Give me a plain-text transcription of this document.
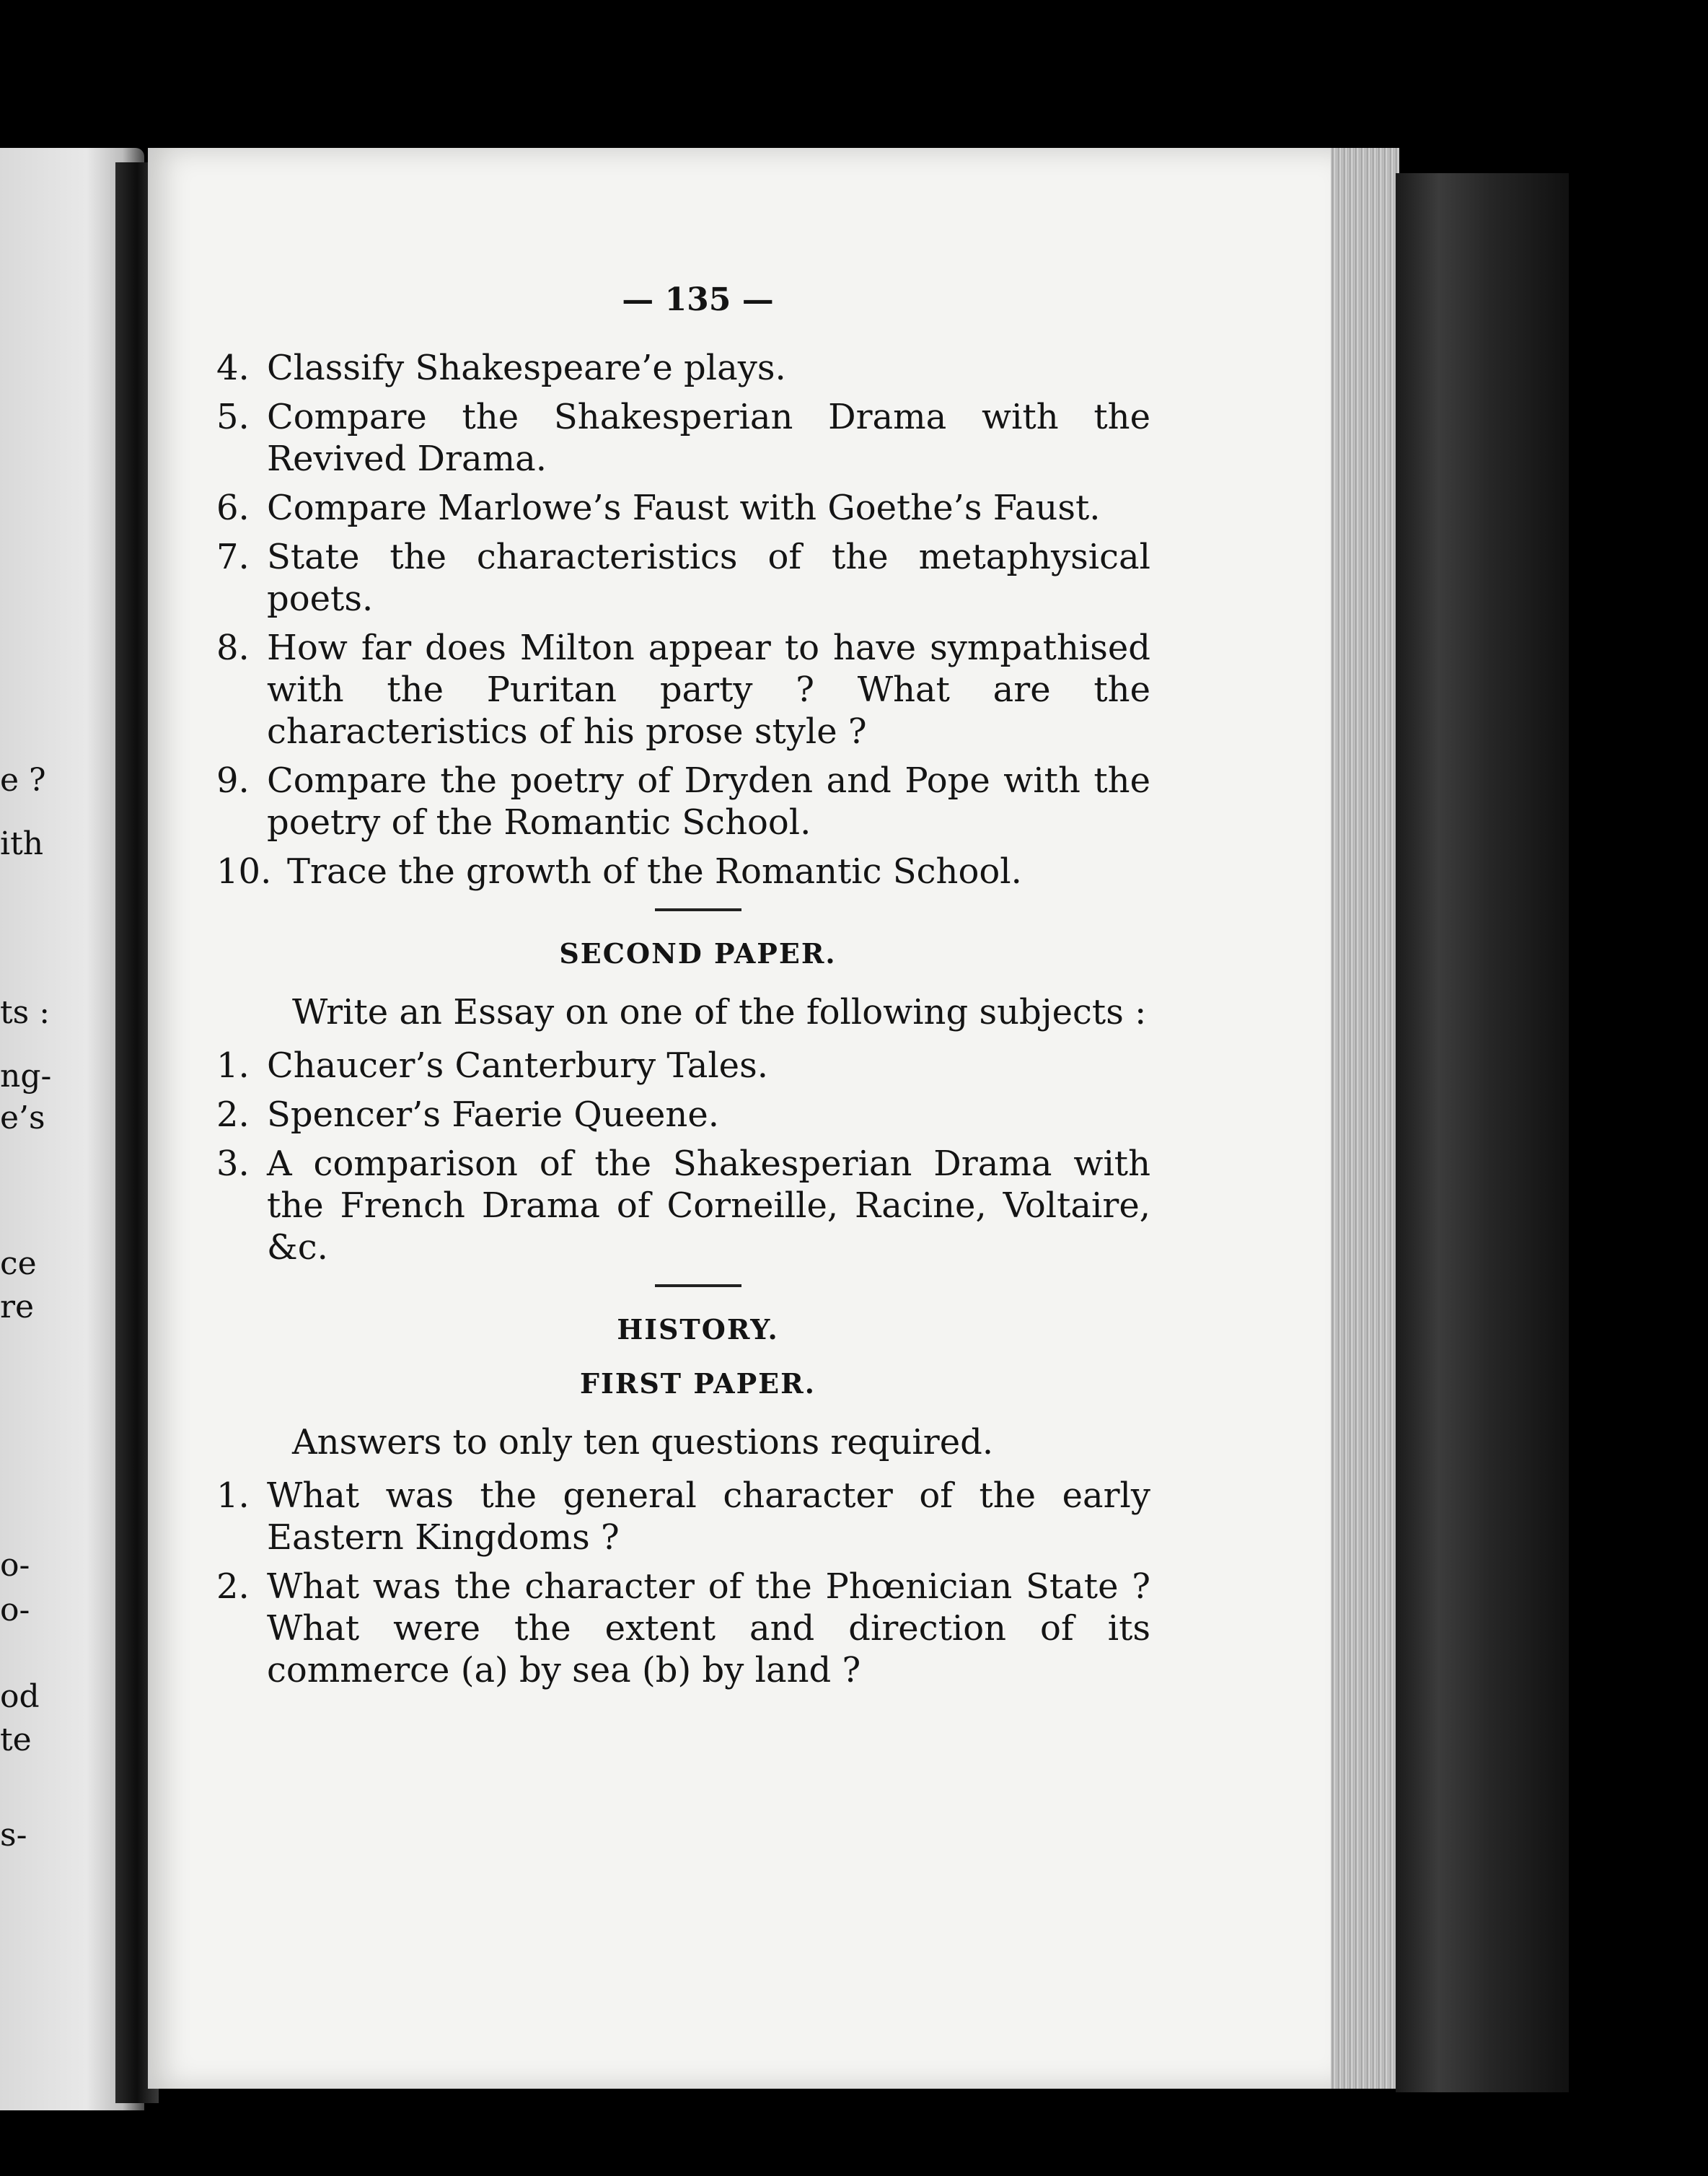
e ?
ith
ts :
ng-
e’s
ce
re
o-
o-
od
te
s-
— 135 —
4. Classify Shakespeare’e plays.
5. Compare the Shakesperian Drama with the Revived Drama.
6. Compare Marlowe’s Faust with Goethe’s Faust.
7. State the characteristics of the metaphysical poets.
8. How far does Milton appear to have sympathised with the Puritan party ? What are the characteristics of his prose style ?
9. Compare the poetry of Dryden and Pope with the poetry of the Romantic School.
10. Trace the growth of the Romantic School.
SECOND PAPER.
Write an Essay on one of the following subjects :
1. Chaucer’s Canterbury Tales.
2. Spencer’s Faerie Queene.
3. A comparison of the Shakesperian Drama with the French Drama of Corneille, Racine, Voltaire, &c.
HISTORY.
FIRST PAPER.
Answers to only ten questions required.
1. What was the general character of the early Eastern Kingdoms ?
2. What was the character of the Phœnician State ? What were the extent and direction of its commerce (a) by sea (b) by land ?
